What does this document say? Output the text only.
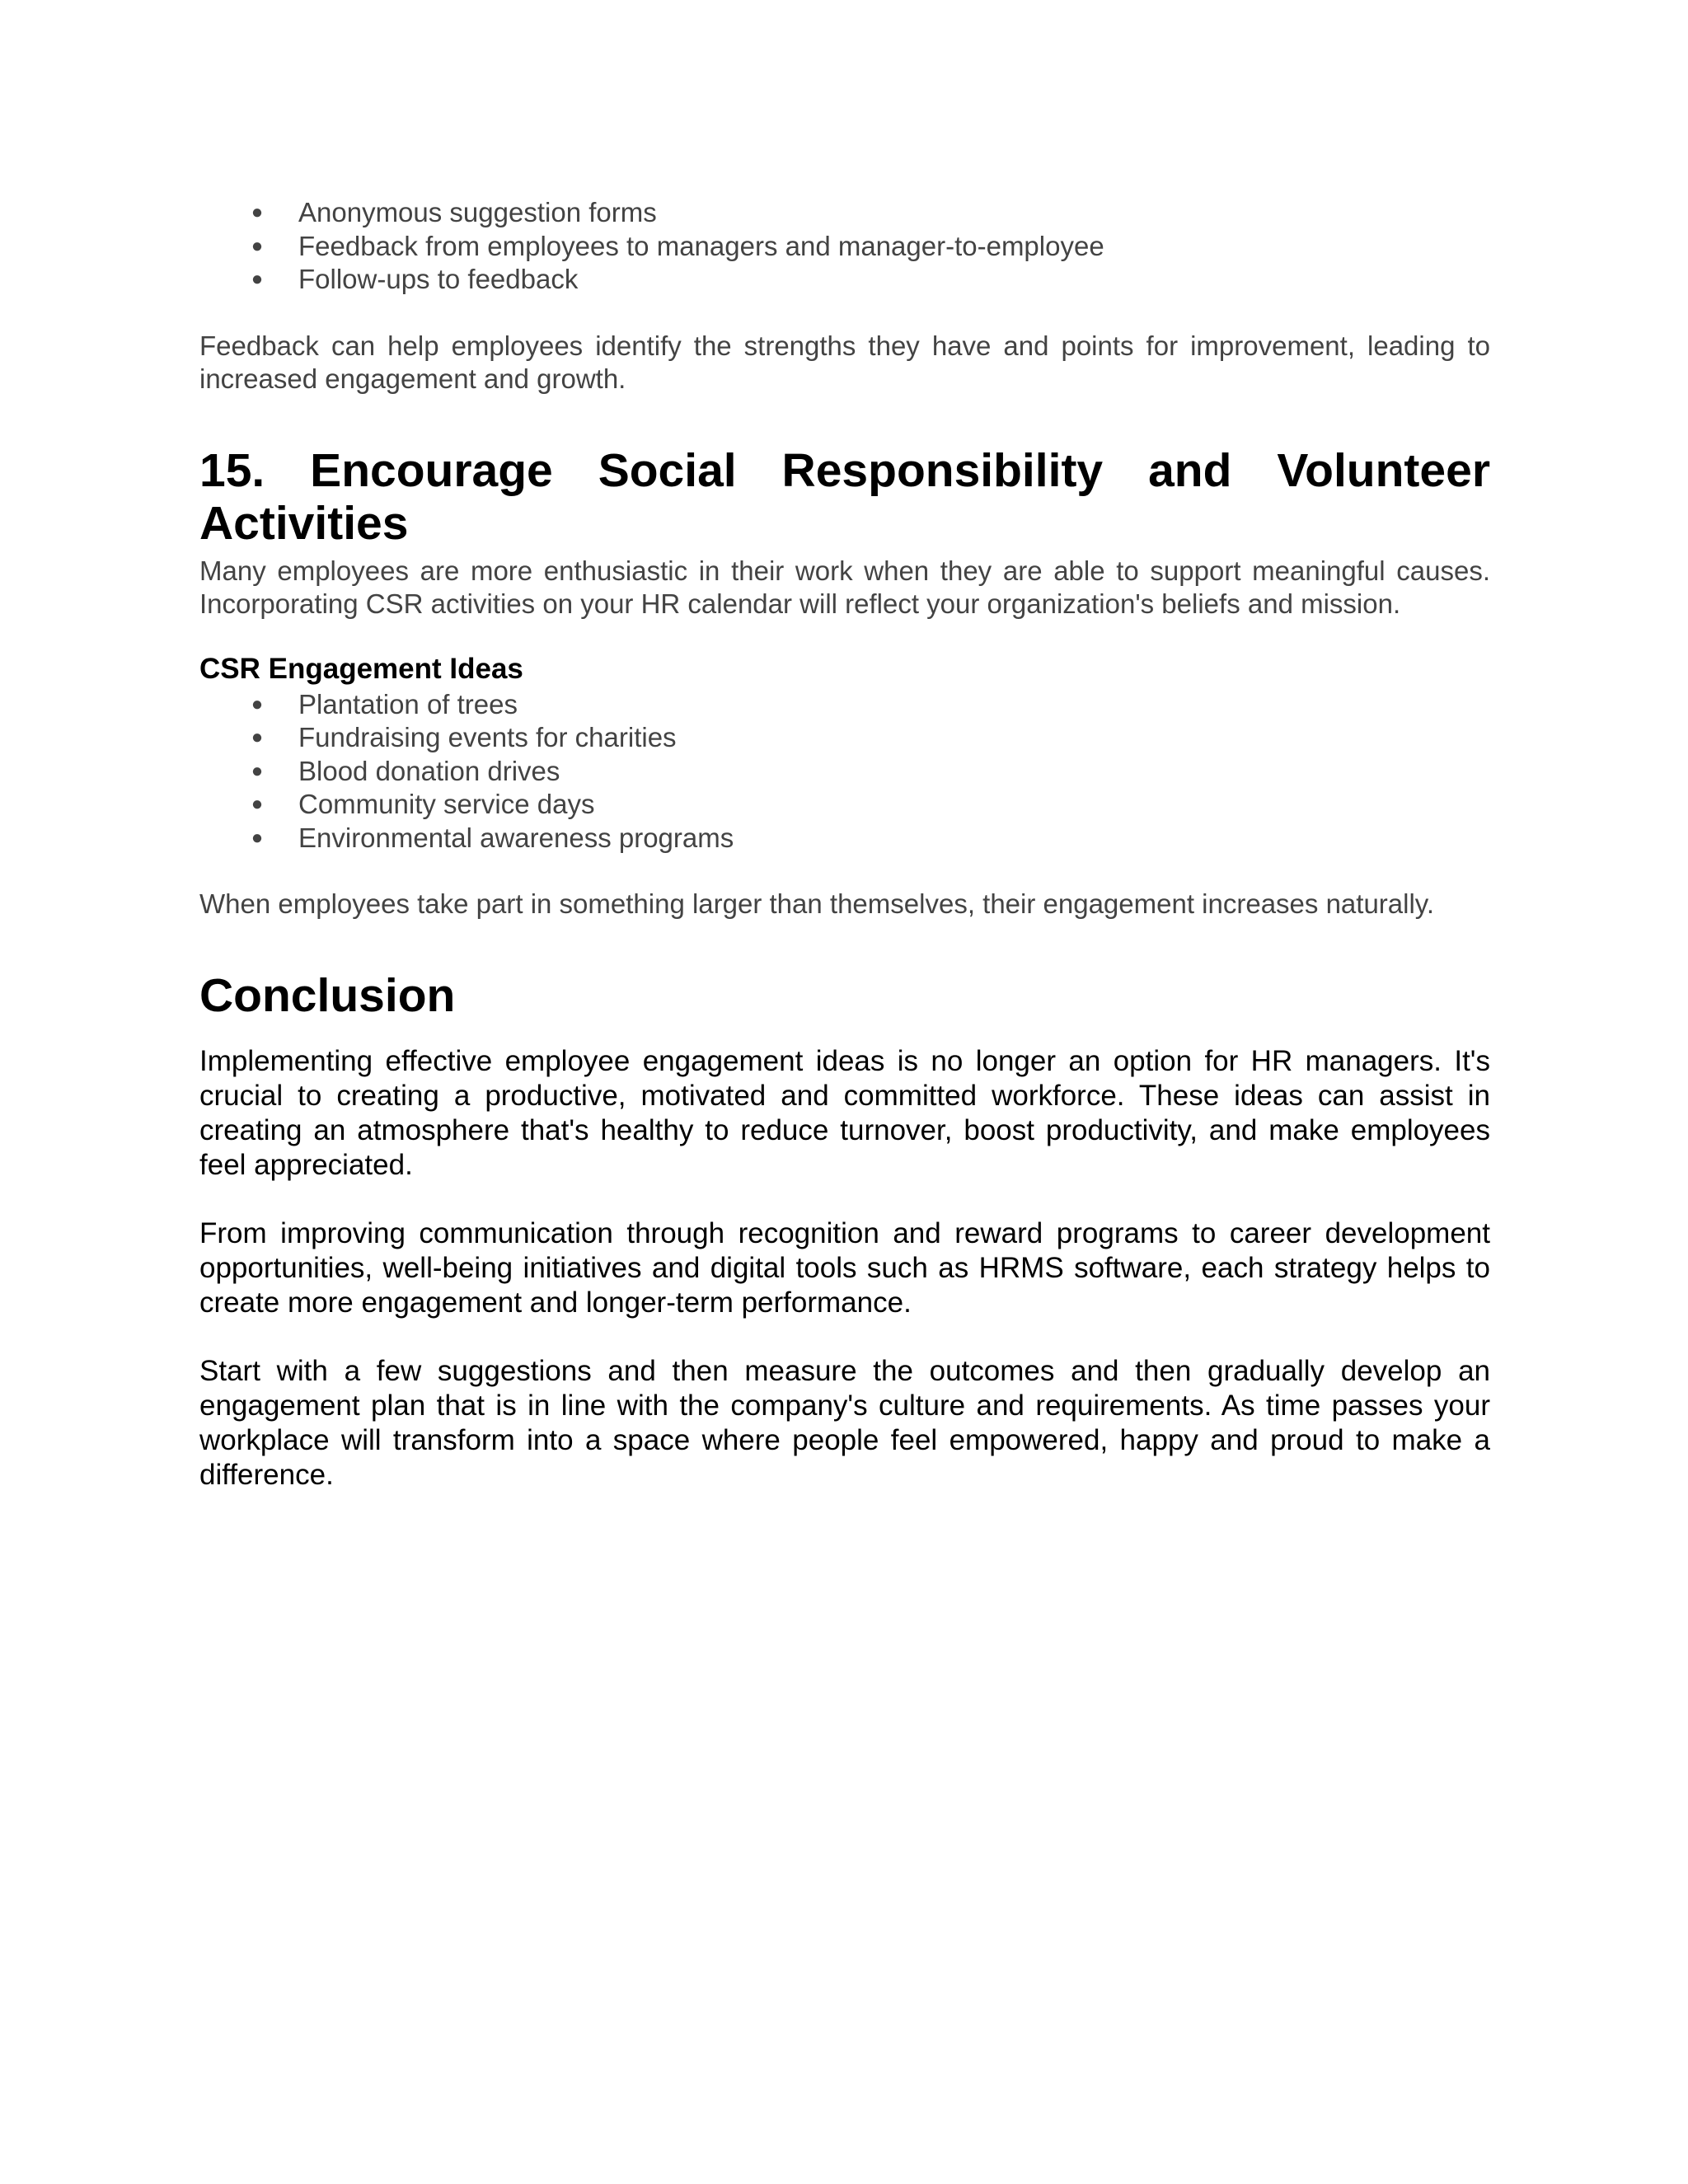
● Anonymous suggestion forms
● Feedback from employees to managers and manager-to-employee
● Follow-ups to feedback

Feedback can help employees identify the strengths they have and points for improvement, leading to increased engagement and growth.

15. Encourage Social Responsibility and Volunteer Activities

Many employees are more enthusiastic in their work when they are able to support meaningful causes. Incorporating CSR activities on your HR calendar will reflect your organization's beliefs and mission.

CSR Engagement Ideas
● Plantation of trees
● Fundraising events for charities
● Blood donation drives
● Community service days
● Environmental awareness programs

When employees take part in something larger than themselves, their engagement increases naturally.

Conclusion

Implementing effective employee engagement ideas is no longer an option for HR managers. It's crucial to creating a productive, motivated and committed workforce. These ideas can assist in creating an atmosphere that's healthy to reduce turnover, boost productivity, and make employees feel appreciated.

From improving communication through recognition and reward programs to career development opportunities, well-being initiatives and digital tools such as HRMS software, each strategy helps to create more engagement and longer-term performance.

Start with a few suggestions and then measure the outcomes and then gradually develop an engagement plan that is in line with the company's culture and requirements. As time passes your workplace will transform into a space where people feel empowered, happy and proud to make a difference.
